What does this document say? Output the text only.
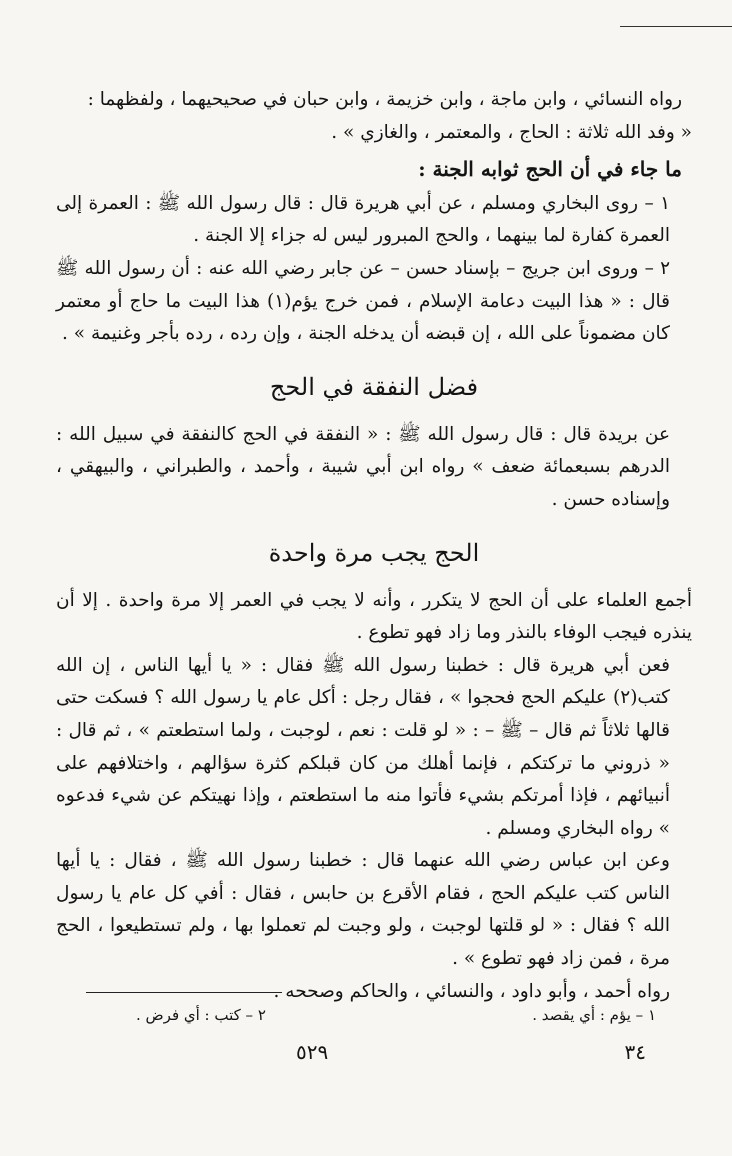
رواه النسائي ، وابن ماجة ، وابن خزيمة ، وابن حبان في صحيحيهما ، ولفظهما :

« وفد الله ثلاثة : الحاج ، والمعتمر ، والغازي » .

ما جاء في أن الحج ثوابه الجنة :

١ – روى البخاري ومسلم ، عن أبي هريرة قال : قال رسول الله ﷺ : العمرة إلى العمرة كفارة لما بينهما ، والحج المبرور ليس له جزاء إلا الجنة .

٢ – وروى ابن جريج – بإسناد حسن – عن جابر رضي الله عنه : أن رسول الله ﷺ قال : « هذا البيت دعامة الإسلام ، فمن خرج يؤم(١) هذا البيت ما حاج أو معتمر كان مضموناً على الله ، إن قبضه أن يدخله الجنة ، وإن رده ، رده بأجر وغنيمة » .

فضل النفقة في الحج

عن بريدة قال : قال رسول الله ﷺ : « النفقة في الحج كالنفقة في سبيل الله : الدرهم بسبعمائة ضعف » رواه ابن أبي شيبة ، وأحمد ، والطبراني ، والبيهقي ، وإسناده حسن .

الحج يجب مرة واحدة

أجمع العلماء على أن الحج لا يتكرر ، وأنه لا يجب في العمر إلا مرة واحدة . إلا أن ينذره فيجب الوفاء بالنذر وما زاد فهو تطوع .

فعن أبي هريرة قال : خطبنا رسول الله ﷺ فقال : « يا أيها الناس ، إن الله كتب(٢) عليكم الحج فحجوا » ، فقال رجل : أكل عام يا رسول الله ؟ فسكت حتى قالها ثلاثاً ثم قال – ﷺ – : « لو قلت : نعم ، لوجبت ، ولما استطعتم » ، ثم قال : « ذروني ما تركتكم ، فإنما أهلك من كان قبلكم كثرة سؤالهم ، واختلافهم على أنبيائهم ، فإذا أمرتكم بشيء فأتوا منه ما استطعتم ، وإذا نهيتكم عن شيء فدعوه » رواه البخاري ومسلم .

وعن ابن عباس رضي الله عنهما قال : خطبنا رسول الله ﷺ ، فقال : يا أيها الناس كتب عليكم الحج ، فقام الأقرع بن حابس ، فقال : أفي كل عام يا رسول الله ؟ فقال : « لو قلتها لوجبت ، ولو وجبت لم تعملوا بها ، ولم تستطيعوا ، الحج مرة ، فمن زاد فهو تطوع » .

رواه أحمد ، وأبو داود ، والنسائي ، والحاكم وصححه .

١ – يؤم : أي يقصد .
٢ – كتب : أي فرض .
٣٤
٥٢٩
